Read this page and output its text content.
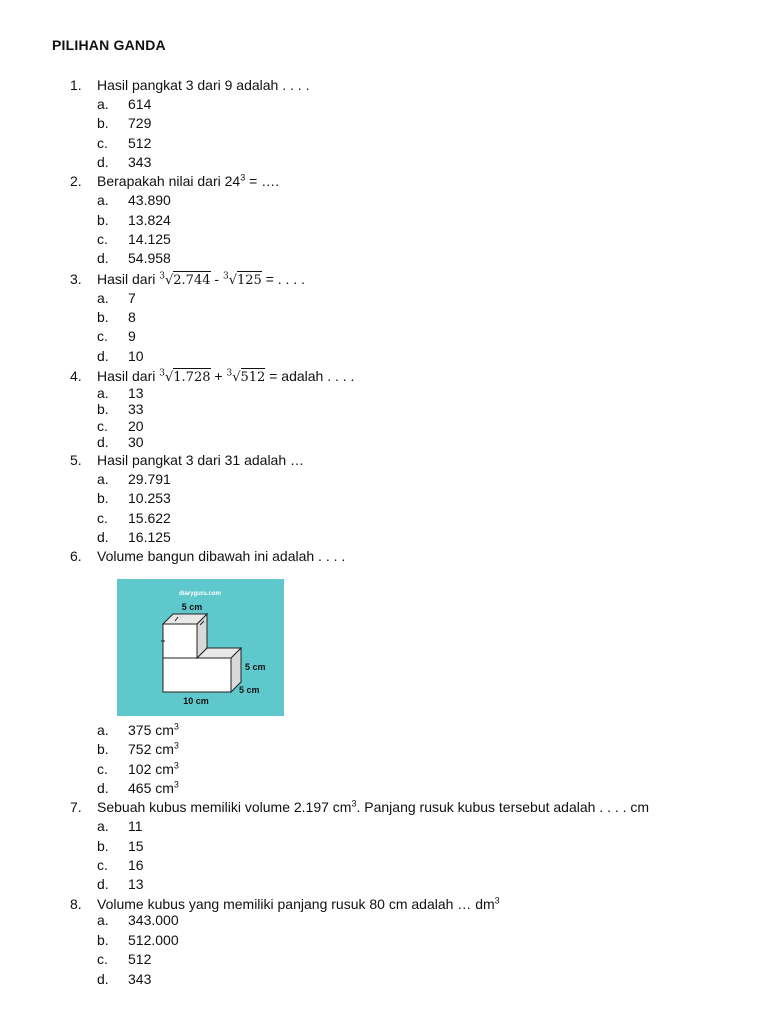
PILIHAN GANDA
1. Hasil pangkat 3 dari 9 adalah . . . .
a. 614
b. 729
c. 512
d. 343
2. Berapakah nilai dari $24^3$ = ….
a. 43.890
b. 13.824
c. 14.125
d. 54.958
3. Hasil dari $^3$√2.744 - $^3$√125 = . . . .
a. 7
b. 8
c. 9
d. 10
4. Hasil dari $^3$√1.728 + $^3$√512 = adalah . . . .
a. 13
b. 33
c. 20
d. 30
5. Hasil pangkat 3 dari 31 adalah …
a. 29.791
b. 10.253
c. 15.622
d. 16.125
6. Volume bangun dibawah ini adalah . . . .
diaryguru.com
5 cm
5 cm
5 cm
10 cm
a. 375 $cm^3$
b. 752 $cm^3$
c. 102 $cm^3$
d. 465 $cm^3$
7. Sebuah kubus memiliki volume 2.197 $cm^3$. Panjang rusuk kubus tersebut adalah . . . . cm
a. 11
b. 15
c. 16
d. 13
8. Volume kubus yang memiliki panjang rusuk 80 cm adalah … $dm^3$
a. 343.000
b. 512.000
c. 512
d. 343
